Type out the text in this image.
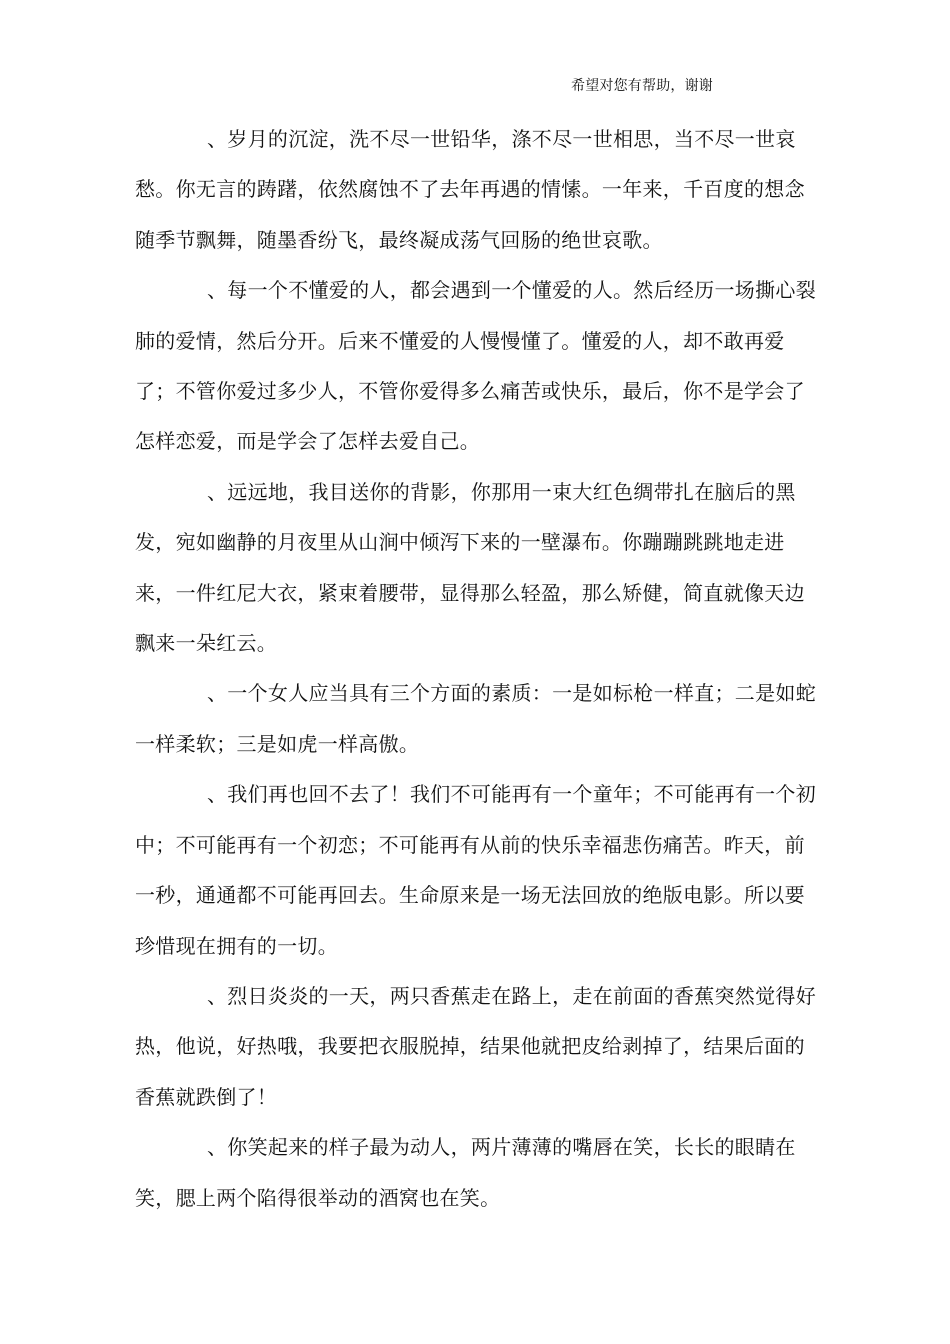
希望对您有帮助，谢谢

、岁月的沉淀，洗不尽一世铅华，涤不尽一世相思，当不尽一世哀愁。你无言的踌躇，依然腐蚀不了去年再遇的情愫。一年来，千百度的想念随季节飘舞，随墨香纷飞，最终凝成荡气回肠的绝世哀歌。

、每一个不懂爱的人，都会遇到一个懂爱的人。然后经历一场撕心裂肺的爱情，然后分开。后来不懂爱的人慢慢懂了。懂爱的人，却不敢再爱了；不管你爱过多少人，不管你爱得多么痛苦或快乐，最后，你不是学会了怎样恋爱，而是学会了怎样去爱自己。

、远远地，我目送你的背影，你那用一束大红色绸带扎在脑后的黑发，宛如幽静的月夜里从山涧中倾泻下来的一壁瀑布。你蹦蹦跳跳地走进来，一件红尼大衣，紧束着腰带，显得那么轻盈，那么矫健，简直就像天边飘来一朵红云。

、一个女人应当具有三个方面的素质：一是如标枪一样直；二是如蛇一样柔软；三是如虎一样高傲。

、我们再也回不去了！我们不可能再有一个童年；不可能再有一个初中；不可能再有一个初恋；不可能再有从前的快乐幸福悲伤痛苦。昨天，前一秒，通通都不可能再回去。生命原来是一场无法回放的绝版电影。所以要珍惜现在拥有的一切。

、烈日炎炎的一天，两只香蕉走在路上，走在前面的香蕉突然觉得好热，他说，好热哦，我要把衣服脱掉，结果他就把皮给剥掉了，结果后面的香蕉就跌倒了！

、你笑起来的样子最为动人，两片薄薄的嘴唇在笑，长长的眼睛在笑，腮上两个陷得很举动的酒窝也在笑。
